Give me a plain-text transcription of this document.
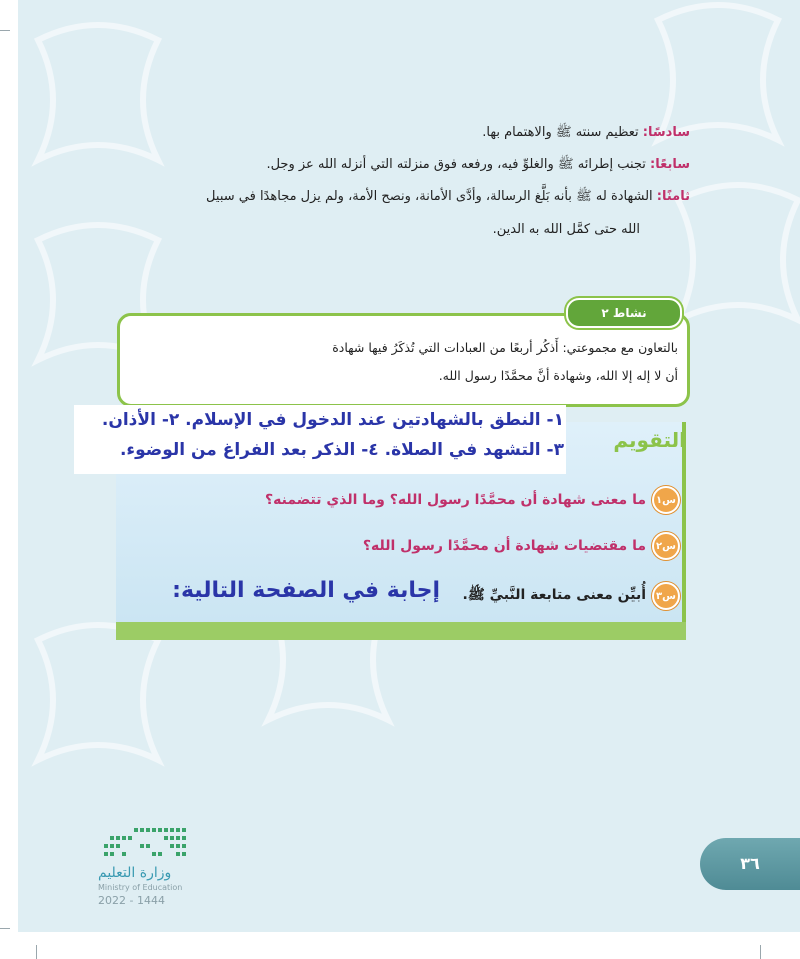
سادسًا: تعظيم سنته ﷺ والاهتمام بها.
سابعًا: تجنب إطرائه ﷺ والغلوِّ فيه، ورفعه فوق منزلته التي أنزله الله عز وجل.
ثامنًا: الشهادة له ﷺ بأنه بَلَّغ الرسالة، وأدَّى الأمانة، ونصح الأمة، ولم يزل مجاهدًا في سبيل
الله حتى كمَّل الله به الدين.
نشاط ٢
بالتعاون مع مجموعتي: أَذكُر أربعًا من العبادات التي تُذكَرُ فيها شهادة
أن لا إله إلا الله، وشهادة أنَّ محمَّدًا رسول الله.
التقويم
١- النطق بالشهادتين عند الدخول في الإسلام. ٢- الأذان.
٣- التشهد في الصلاة. ٤- الذكر بعد الفراغ من الوضوء.
س١
ما معنى شهادة أن محمَّدًا رسول الله؟ وما الذي تتضمنه؟
س٢
ما مقتضيات شهادة أن محمَّدًا رسول الله؟
س٣
أُبيِّن معنى متابعة النَّبيِّ ﷺ.
إجابة في الصفحة التالية:
وزارة التعليم
Ministry of Education
2022 - 1444
٣٦
